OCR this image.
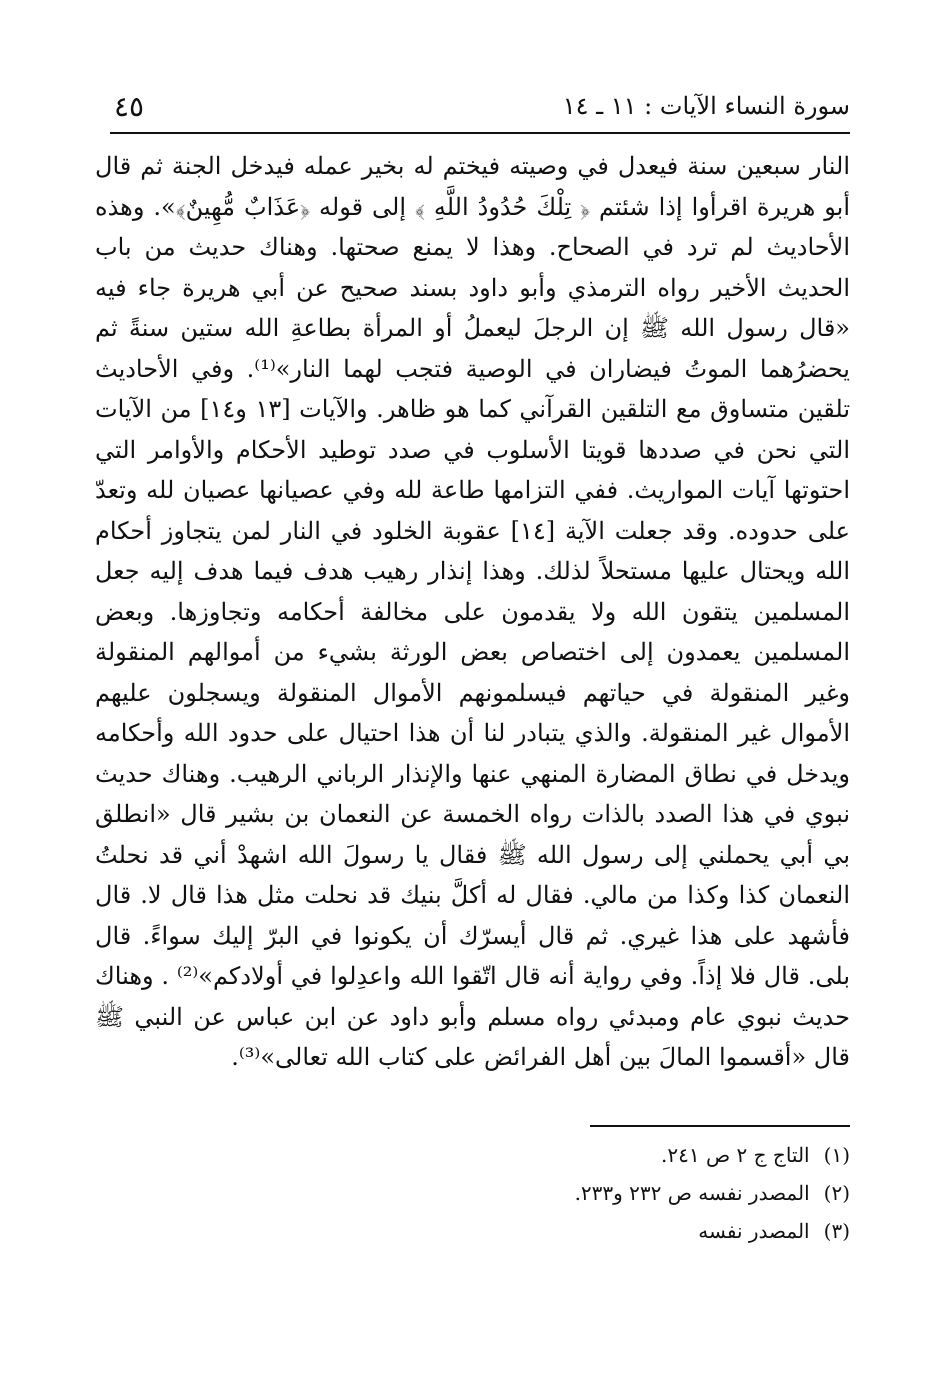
سورة النساء الآيات : ١١ ـ ١٤
٤٥

النار سبعين سنة فيعدل في وصيته فيختم له بخير عمله فيدخل الجنة ثم قال أبو هريرة اقرأوا إذا شئتم ﴿ تِلْكَ حُدُودُ اللَّهِ ﴾ إلى قوله ﴿عَذَابٌ مُّهِينٌ﴾». وهذه الأحاديث لم ترد في الصحاح. وهذا لا يمنع صحتها. وهناك حديث من باب الحديث الأخير رواه الترمذي وأبو داود بسند صحيح عن أبي هريرة جاء فيه «قال رسول الله ﷺ إن الرجلَ ليعملُ أو المرأة بطاعةِ الله ستين سنةً ثم يحضرُهما الموتُ فيضاران في الوصية فتجب لهما النار»⁽¹⁾. وفي الأحاديث تلقين متساوق مع التلقين القرآني كما هو ظاهر. والآيات [١٣ و١٤] من الآيات التي نحن في صددها قويتا الأسلوب في صدد توطيد الأحكام والأوامر التي احتوتها آيات المواريث. ففي التزامها طاعة لله وفي عصيانها عصيان لله وتعدّ على حدوده. وقد جعلت الآية [١٤] عقوبة الخلود في النار لمن يتجاوز أحكام الله ويحتال عليها مستحلاً لذلك. وهذا إنذار رهيب هدف فيما هدف إليه جعل المسلمين يتقون الله ولا يقدمون على مخالفة أحكامه وتجاوزها. وبعض المسلمين يعمدون إلى اختصاص بعض الورثة بشيء من أموالهم المنقولة وغير المنقولة في حياتهم فيسلمونهم الأموال المنقولة ويسجلون عليهم الأموال غير المنقولة. والذي يتبادر لنا أن هذا احتيال على حدود الله وأحكامه ويدخل في نطاق المضارة المنهي عنها والإنذار الرباني الرهيب. وهناك حديث نبوي في هذا الصدد بالذات رواه الخمسة عن النعمان بن بشير قال «انطلق بي أبي يحملني إلى رسول الله ﷺ فقال يا رسولَ الله اشهدْ أني قد نحلتُ النعمان كذا وكذا من مالي. فقال له أكلَّ بنيك قد نحلت مثل هذا قال لا. قال فأشهد على هذا غيري. ثم قال أيسرّك أن يكونوا في البرّ إليك سواءً. قال بلى. قال فلا إذاً. وفي رواية أنه قال اتّقوا الله واعدِلوا في أولادكم»⁽²⁾ . وهناك حديث نبوي عام ومبدئي رواه مسلم وأبو داود عن ابن عباس عن النبي ﷺ قال «أقسموا المالَ بين أهل الفرائض على كتاب الله تعالى»⁽³⁾.

(١)التاج ج ٢ ص ٢٤١.
(٢)المصدر نفسه ص ٢٣٢ و٢٣٣.
(٣)المصدر نفسه
